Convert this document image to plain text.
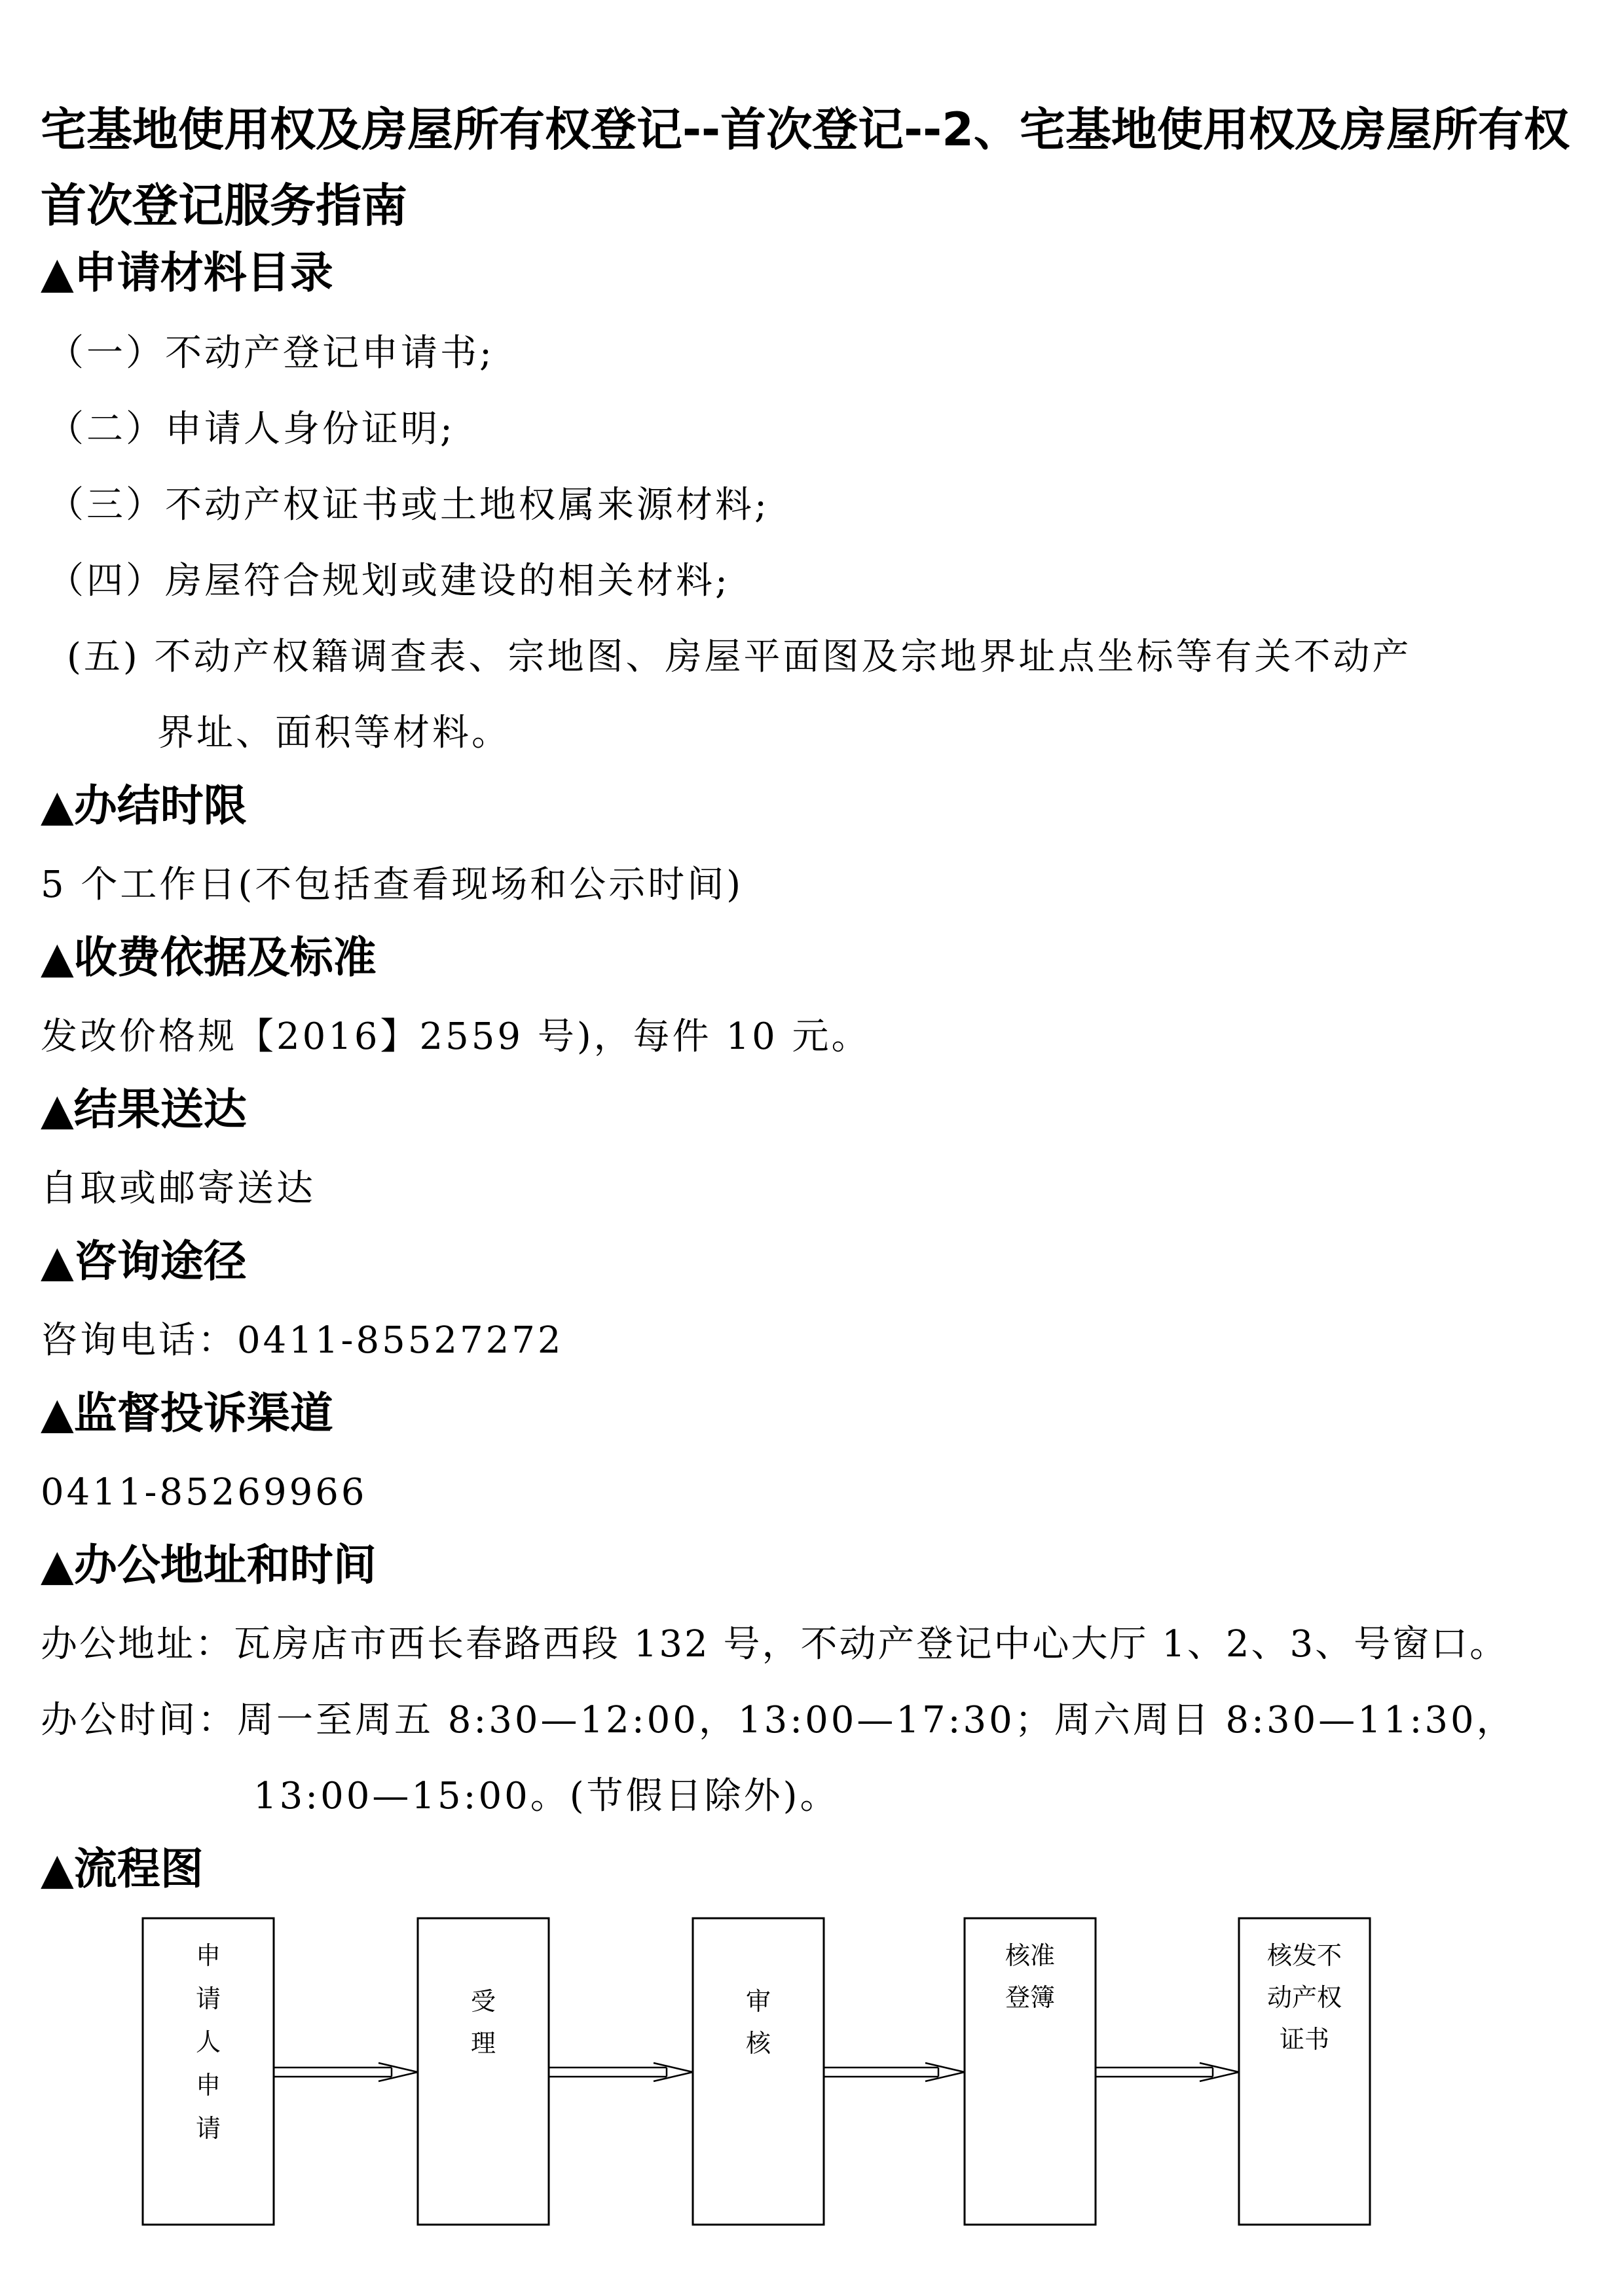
宅基地使用权及房屋所有权登记--首次登记--2、宅基地使用权及房屋所有权首次登记服务指南
▲申请材料目录
（一）不动产登记申请书;
（二）申请人身份证明;
（三）不动产权证书或土地权属来源材料;
（四）房屋符合规划或建设的相关材料;
(五) 不动产权籍调查表、宗地图、房屋平面图及宗地界址点坐标等有关不动产
界址、面积等材料。
▲办结时限
5 个工作日(不包括查看现场和公示时间)
▲收费依据及标准
发改价格规【2016】2559 号)，每件 10 元。
▲结果送达
自取或邮寄送达
▲咨询途径
咨询电话：0411-85527272
▲监督投诉渠道
0411-85269966
▲办公地址和时间
办公地址：瓦房店市西长春路西段 132 号，不动产登记中心大厅 1、2、3、号窗口。
办公时间：周一至周五 8:30—12:00，13:00—17:30；周六周日 8:30—11:30，
13:00—15:00。(节假日除外)。
▲流程图
申
请
人
申
请
受
理
审
核
核准
登簿
核发不
动产权
证书
